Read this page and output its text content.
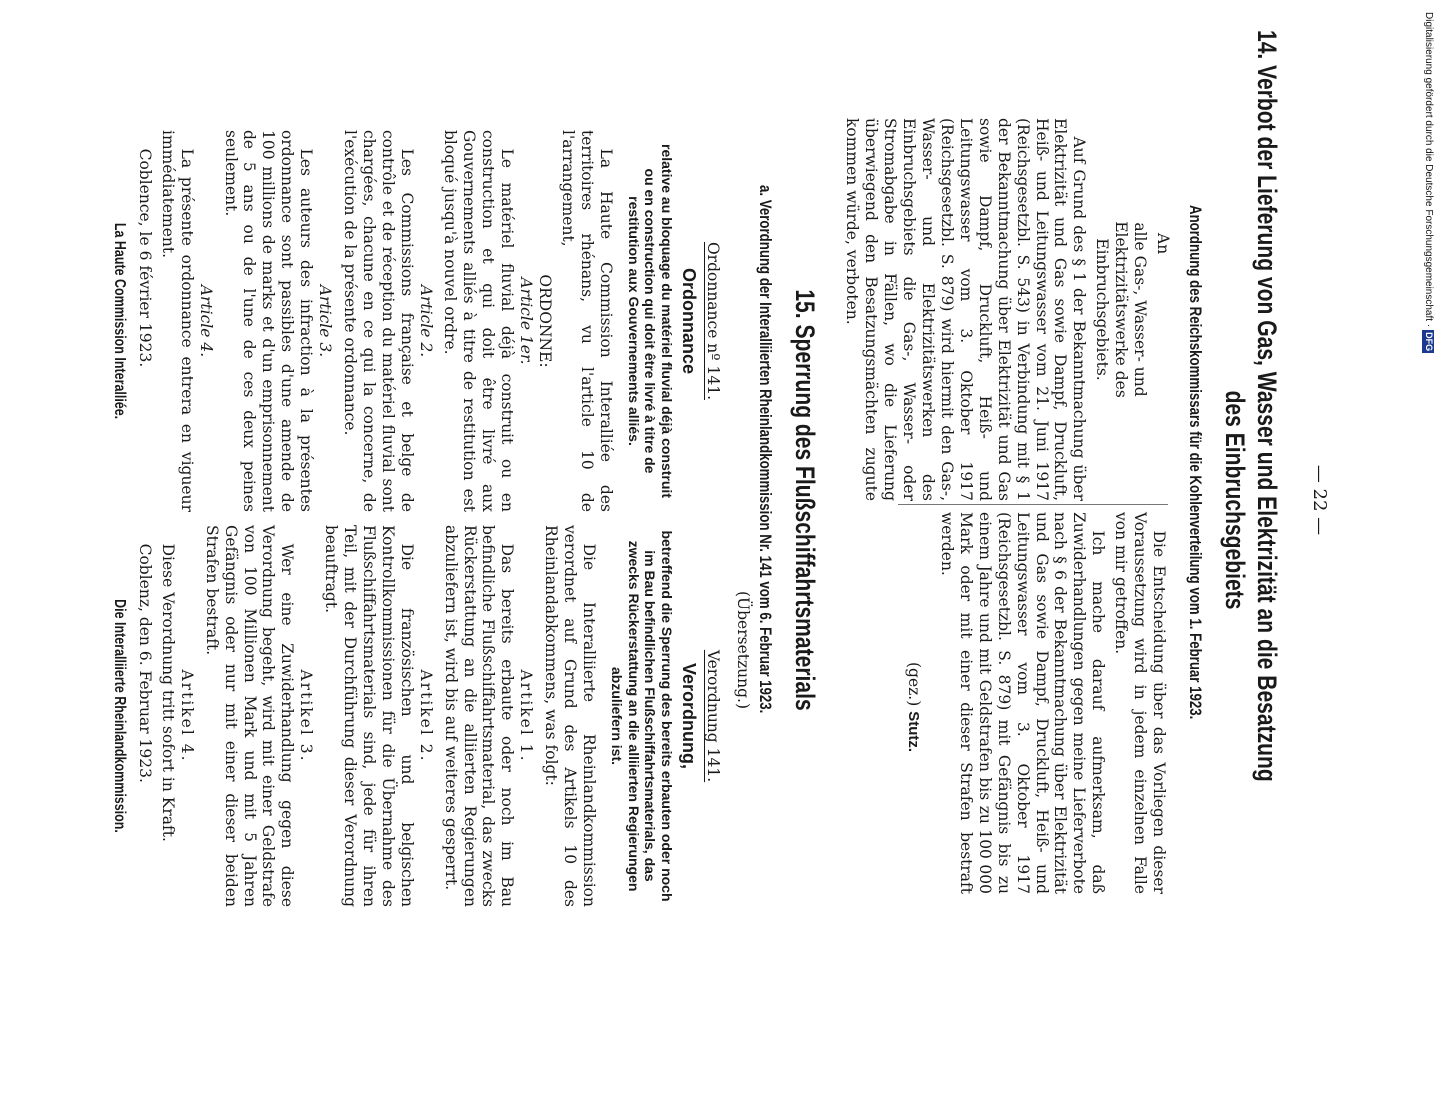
— 22 —
14. Verbot der Lieferung von Gas, Wasser und Elektrizität an die Besatzung
des Einbruchsgebiets
Anordnung des Reichskommissars für die Kohlenverteilung vom 1. Februar 1923.

An

alle Gas-, Wasser- und Elektrizitätswerke des Einbruchsgebiets.

Auf Grund des § 1 der Bekanntmachung über Elektrizität und Gas sowie Dampf, Druckluft, Heiß- und Leitungswasser vom 21. Juni 1917 (Reichsgesetzbl. S. 543) in Verbindung mit § 1 der Bekanntmachung über Elektrizität und Gas sowie Dampf, Druckluft, Heiß- und Leitungswasser vom 3. Oktober 1917 (Reichsgesetzbl. S. 879) wird hiermit den Gas-, Wasser- und Elektrizitätswerken des Einbruchsgebiets die Gas-, Wasser- oder Stromabgabe in Fällen, wo die Lieferung überwiegend den Besatzungsmächten zugute kommen würde, verboten.

Die Entscheidung über das Vorliegen dieser Voraussetzung wird in jedem einzelnen Falle von mir getroffen.

Ich mache darauf aufmerksam, daß Zuwiderhandlungen gegen meine Lieferverbote nach § 6 der Bekanntmachung über Elektrizität und Gas sowie Dampf, Druckluft, Heiß- und Leitungswasser vom 3. Oktober 1917 (Reichsgesetzbl. S. 879) mit Gefängnis bis zu einem Jahre und mit Geldstrafen bis zu 100 000 Mark oder mit einer dieser Strafen bestraft werden.

(gez.) Stutz.
15. Sperrung des Flußschiffahrtsmaterials
a. Verordnung der Interalliierten Rheinlandkommission Nr. 141 vom 6. Februar 1923.
(Übersetzung.)
Ordonnance nº 141.
Ordonnance
relative au bloquage du matériel fluvial déjà construit ou en construction qui doit être livré à titre de restitution aux Gouvernements alliés.

La Haute Commission Interalliée des territoires rhénans, vu l'article 10 de l'arrangement,

ORDONNE:
Article 1er.

Le matériel fluvial déjà construit ou en construction et qui doit être livré aux Gouvernements alliés à titre de restitution est bloqué jusqu'à nouvel ordre.

Article 2.

Les Commissions française et belge de contrôle et de réception du matériel fluvial sont chargées, chacune en ce qui la concerne, de l'exécution de la présente ordonnance.

Article 3.

Les auteurs des infraction à la présentes ordonnance sont passibles d'une amende de 100 millions de marks et d'un emprisonnement de 5 ans ou de l'une de ces deux peines seulement.

Article 4.

La présente ordonnance entrera en vigueur immédiatement.

Coblence, le 6 février 1923.

La Haute Commission Interalliée.
Verordnung 141.
Verordnung,
betreffend die Sperrung des bereits erbauten oder noch im Bau befindlichen Flußschiffahrtsmaterials, das zwecks Rückerstattung an die alliierten Regierungen abzuliefern ist.

Die Interalliierte Rheinlandkommission verordnet auf Grund des Artikels 10 des Rheinlandabkommens, was folgt:

Artikel 1.

Das bereits erbaute oder noch im Bau befindliche Flußschiffahrtsmaterial, das zwecks Rückerstattung an die alliierten Regierungen abzuliefern ist, wird bis auf weiteres gesperrt.

Artikel 2.

Die französischen und belgischen Kontrollkommissionen für die Übernahme des Flußschiffahrtsmaterials sind, jede für ihren Teil, mit der Durchführung dieser Verordnung beauftragt.

Artikel 3.

Wer eine Zuwiderhandlung gegen diese Verordnung begeht, wird mit einer Geldstrafe von 100 Millionen Mark und mit 5 Jahren Gefängnis oder nur mit einer dieser beiden Strafen bestraft.

Artikel 4.

Diese Verordnung tritt sofort in Kraft.

Coblenz, den 6. Februar 1923.

Die Interalliierte Rheinlandkommission.
Digitalisierung gefördert durch die Deutsche Forschungsgemeinschaft ·DFG
